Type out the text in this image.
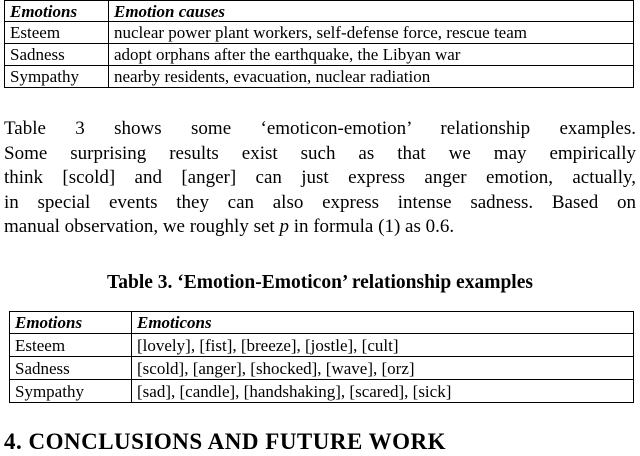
Emotions	Emotion causes
Esteem	nuclear power plant workers, self-defense force, rescue team
Sadness	adopt orphans after the earthquake, the Libyan war
Sympathy	nearby residents, evacuation, nuclear radiation

Table 3 shows some ‘emoticon-emotion’ relationship examples.
Some surprising results exist such as that we may empirically
think [scold] and [anger] can just express anger emotion, actually,
in special events they can also express intense sadness. Based on
manual observation, we roughly set p in formula (1) as 0.6.

Table 3. ‘Emotion-Emoticon’ relationship examples
Emotions	Emoticons
Esteem	[lovely], [fist], [breeze], [jostle], [cult]
Sadness	[scold], [anger], [shocked], [wave], [orz]
Sympathy	[sad], [candle], [handshaking], [scared], [sick]
4. CONCLUSIONS AND FUTURE WORK
